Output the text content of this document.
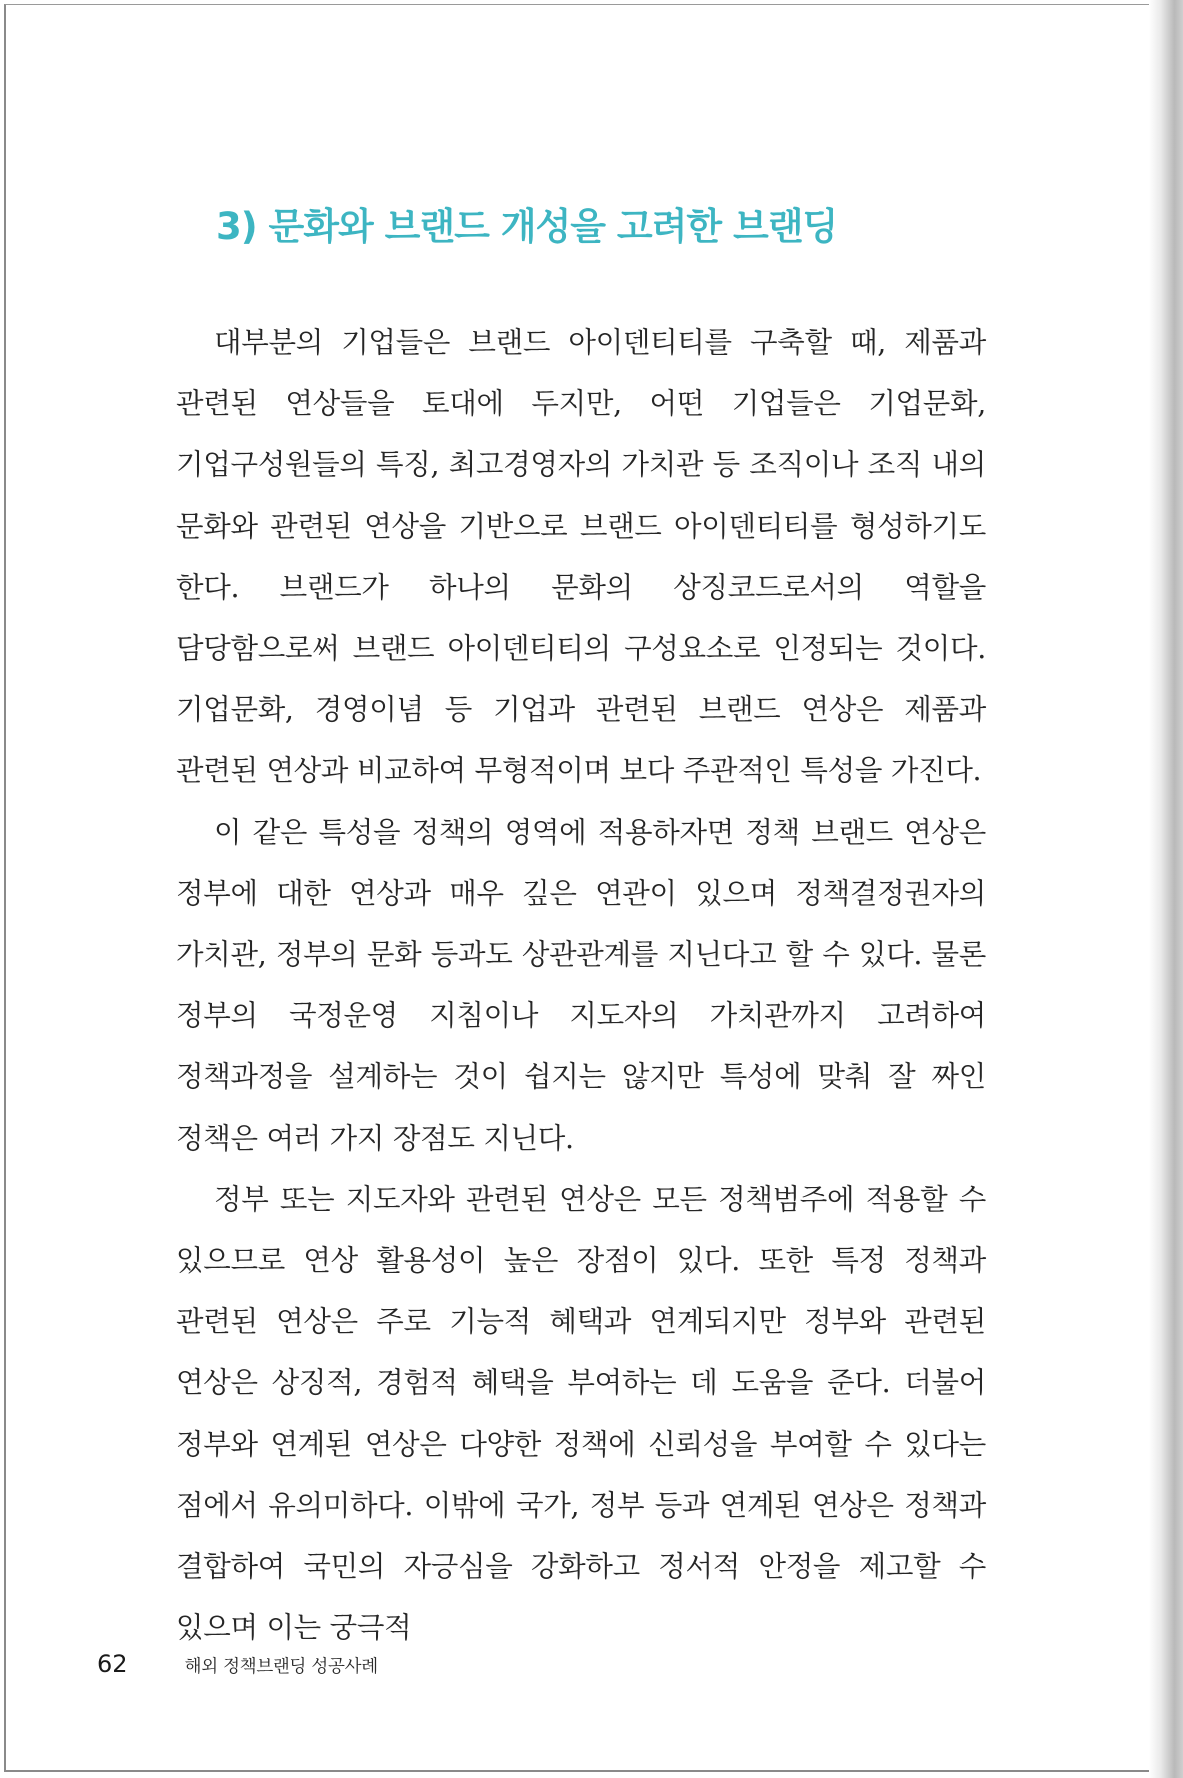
3) 문화와 브랜드 개성을 고려한 브랜딩

대부분의 기업들은 브랜드 아이덴티티를 구축할 때, 제품과 관련된 연상들을 토대에 두지만, 어떤 기업들은 기업문화, 기업구성원들의 특징, 최고경영자의 가치관 등 조직이나 조직 내의 문화와 관련된 연상을 기반으로 브랜드 아이덴티티를 형성하기도 한다. 브랜드가 하나의 문화의 상징코드로서의 역할을 담당함으로써 브랜드 아이덴티티의 구성요소로 인정되는 것이다. 기업문화, 경영이념 등 기업과 관련된 브랜드 연상은 제품과 관련된 연상과 비교하여 무형적이며 보다 주관적인 특성을 가진다.

이 같은 특성을 정책의 영역에 적용하자면 정책 브랜드 연상은 정부에 대한 연상과 매우 깊은 연관이 있으며 정책결정권자의 가치관, 정부의 문화 등과도 상관관계를 지닌다고 할 수 있다. 물론 정부의 국정운영 지침이나 지도자의 가치관까지 고려하여 정책과정을 설계하는 것이 쉽지는 않지만 특성에 맞춰 잘 짜인 정책은 여러 가지 장점도 지닌다.

정부 또는 지도자와 관련된 연상은 모든 정책범주에 적용할 수 있으므로 연상 활용성이 높은 장점이 있다. 또한 특정 정책과 관련된 연상은 주로 기능적 혜택과 연계되지만 정부와 관련된 연상은 상징적, 경험적 혜택을 부여하는 데 도움을 준다. 더불어 정부와 연계된 연상은 다양한 정책에 신뢰성을 부여할 수 있다는 점에서 유의미하다. 이밖에 국가, 정부 등과 연계된 연상은 정책과 결합하여 국민의 자긍심을 강화하고 정서적 안정을 제고할 수 있으며 이는 궁극적

62	해외 정책브랜딩 성공사례
